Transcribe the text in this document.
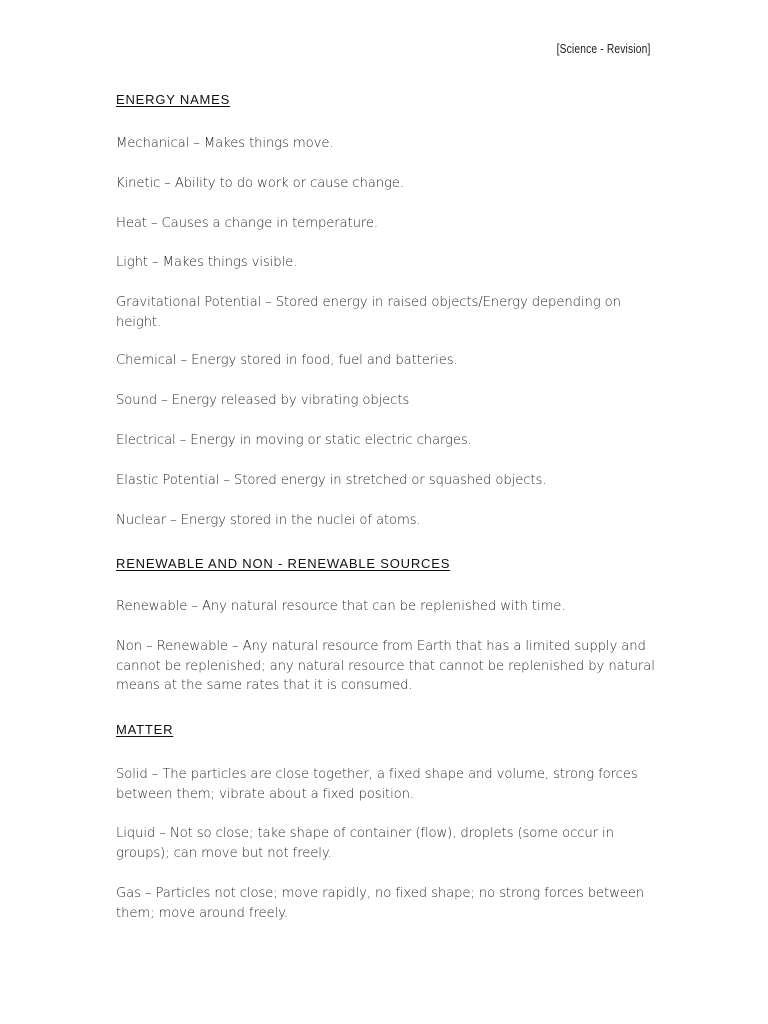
[Science - Revision]
ENERGY NAMES

Mechanical – Makes things move.

Kinetic – Ability to do work or cause change.

Heat – Causes a change in temperature.

Light – Makes things visible.

Gravitational Potential – Stored energy in raised objects/Energy depending on height.

Chemical – Energy stored in food, fuel and batteries.

Sound – Energy released by vibrating objects

Electrical – Energy in moving or static electric charges.

Elastic Potential – Stored energy in stretched or squashed objects.

Nuclear – Energy stored in the nuclei of atoms.

RENEWABLE AND NON - RENEWABLE SOURCES

Renewable – Any natural resource that can be replenished with time.

Non – Renewable – Any natural resource from Earth that has a limited supply and cannot be replenished; any natural resource that cannot be replenished by natural means at the same rates that it is consumed.

MATTER

Solid – The particles are close together, a fixed shape and volume, strong forces between them; vibrate about a fixed position.

Liquid – Not so close; take shape of container (flow), droplets (some occur in groups); can move but not freely.

Gas – Particles not close; move rapidly, no fixed shape; no strong forces between them; move around freely.
